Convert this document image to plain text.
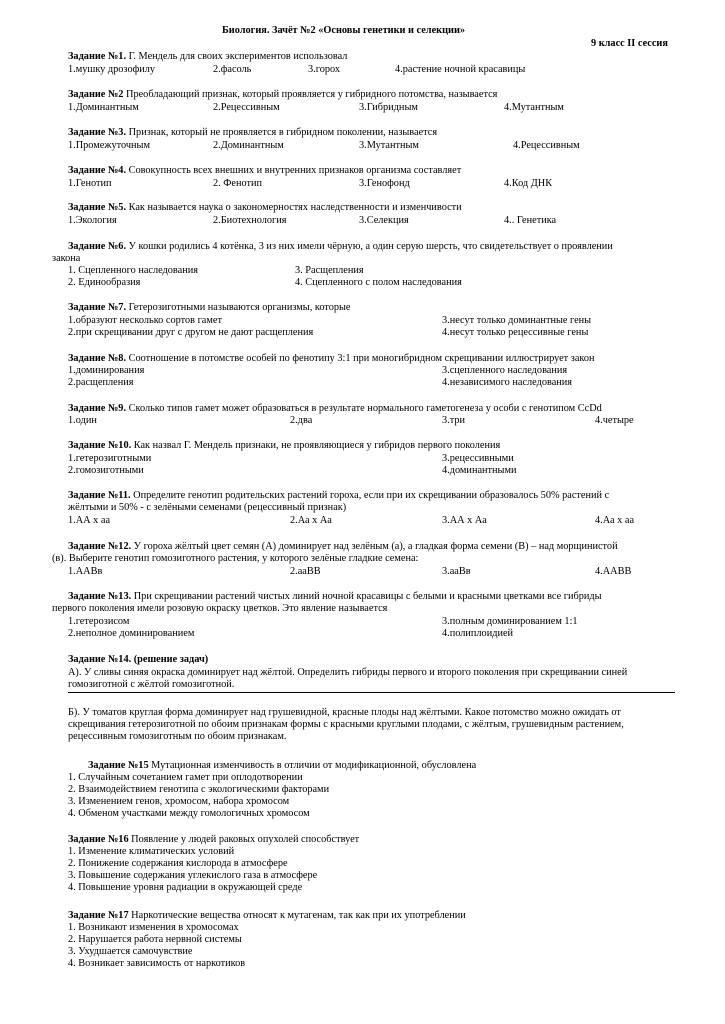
Биология. Зачёт №2 «Основы генетики и селекции»
9 класс II сессия
Задание №1. Г. Мендель для своих экспериментов использовал
1.мушку дрозофилу	2.фасоль	3.горох	4.растение ночной красавицы
Задание №2 Преобладающий признак, который проявляется у гибридного потомства, называется
1.Доминантным	2.Рецессивным	3.Гибридным	4.Мутантным
Задание №3. Признак, который не проявляется в гибридном поколении, называется
1.Промежуточным	2.Доминантным	3.Мутантным	4.Рецессивным
Задание №4. Совокупность всех внешних и внутренних признаков организма составляет
1.Генотип	2. Фенотип	3.Генофонд	4.Код ДНК
Задание №5. Как называется наука о закономерностях наследственности и изменчивости
1.Экология	2.Биотехнология	3.Селекция	4.. Генетика
Задание №6. У кошки родились 4 котёнка, 3 из них имели чёрную, а один серую шерсть, что свидетельствует о проявлении
закона
1. Сцепленного наследования	3. Расщепления
2. Единообразия	4. Сцепленного с полом наследования
Задание №7. Гетерозиготными называются организмы, которые
1.образуют несколько сортов гамет	3.несут только доминантные гены
2.при скрещивании друг с другом не дают расщепления	4.несут только рецессивные гены
Задание №8. Соотношение в потомстве особей по фенотипу 3:1 при моногибридном скрещивании иллюстрирует закон
1.доминирования	3.сцепленного наследования
2.расщепления	4.независимого наследования
Задание №9. Сколько типов гамет может образоваться в результате нормального гаметогенеза у особи с генотипом CcDd
1.один	2.два	3.три	4.четыре
Задание №10. Как назвал Г. Мендель признаки, не проявляющиеся у гибридов первого поколения
1.гетерозиготными	3.рецессивными
2.гомозиготными	4.доминантными
Задание №11. Определите генотип родительских растений гороха, если при их скрещивании образовалось 50% растений с
жёлтыми и 50% - с зелёными семенами (рецессивный признак)
1.АА х аа	2.Аа х Аа	3.АА х Аа	4.Аа х аа
Задание №12. У гороха жёлтый цвет семян (А) доминирует над зелёным (а), а гладкая форма семени (В) – над морщинистой
(в). Выберите генотип гомозиготного растения, у которого зелёные гладкие семена:
1.ААВв	2.ааВВ	3.ааВв	4.ААВВ
Задание №13. При скрещивании растений чистых линий ночной красавицы с белыми и красными цветками все гибриды
первого поколения имели розовую окраску цветков. Это явление называется
1.гетерозисом	3.полным доминированием 1:1
2.неполное доминированием	4.полиплоидией
Задание №14. (решение задач)
А). У сливы синяя окраска доминирует над жёлтой. Определить гибриды первого и второго поколения при скрещивании синей
гомозиготной с жёлтой гомозиготной.
Б). У томатов круглая форма доминирует над грушевидной, красные плоды над жёлтыми. Какое потомство можно ожидать от скрещивания гетерозиготной по обоим признакам формы с красными круглыми плодами, с жёлтым, грушевидным растением, рецессивным гомозиготным по обоим признакам.
Задание №15 Мутационная изменчивость в отличии от модификационной, обусловлена
1. Случайным сочетанием гамет при оплодотворении
2. Взаимодействием генотипа с экологическими факторами
3. Изменением генов, хромосом, набора хромосом
4. Обменом участками между гомологичных хромосом
Задание №16 Появление у людей раковых опухолей способствует
1. Изменение климатических условий
2. Понижение содержания кислорода в атмосфере
3. Повышение содержания углекислого газа в атмосфере
4. Повышение уровня радиации в окружающей среде
Задание №17 Наркотические вещества относят к мутагенам, так как при их употреблении
1. Возникают изменения в хромосомах
2. Нарушается работа нервной системы
3. Ухудшается самочувствие
4. Возникает зависимость от наркотиков
